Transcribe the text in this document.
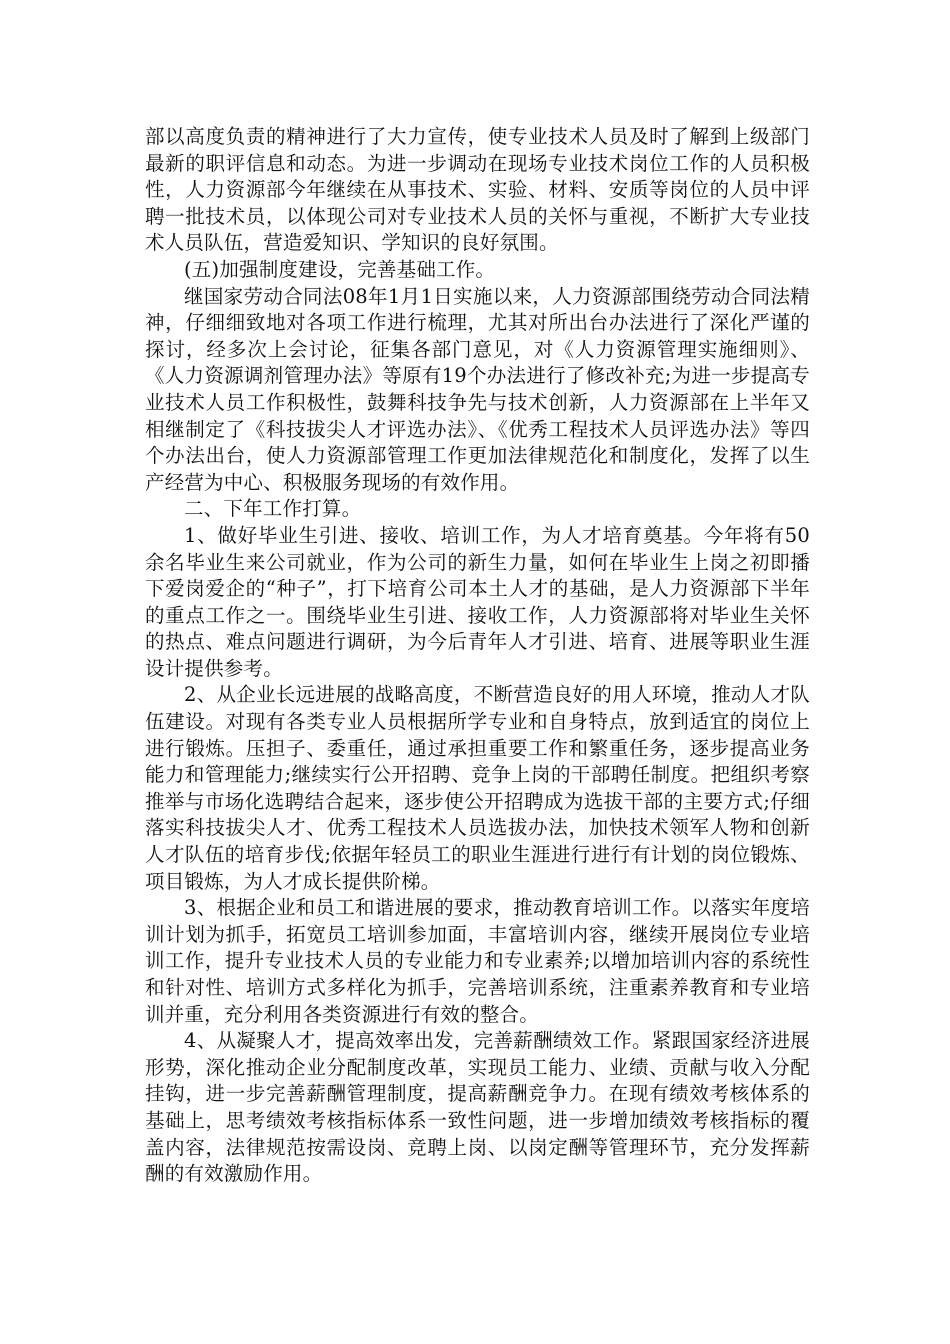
部以高度负责的精神进行了大力宣传，使专业技术人员及时了解到上级部门最新的职评信息和动态。为进一步调动在现场专业技术岗位工作的人员积极性，人力资源部今年继续在从事技术、实验、材料、安质等岗位的人员中评聘一批技术员，以体现公司对专业技术人员的关怀与重视，不断扩大专业技术人员队伍，营造爱知识、学知识的良好氛围。

(五)加强制度建设，完善基础工作。

继国家劳动合同法08年1月1日实施以来，人力资源部围绕劳动合同法精神，仔细细致地对各项工作进行梳理，尤其对所出台办法进行了深化严谨的探讨，经多次上会讨论，征集各部门意见，对《人力资源管理实施细则》、《人力资源调剂管理办法》等原有19个办法进行了修改补充;为进一步提高专业技术人员工作积极性，鼓舞科技争先与技术创新，人力资源部在上半年又相继制定了《科技拔尖人才评选办法》、《优秀工程技术人员评选办法》等四个办法出台，使人力资源部管理工作更加法律规范化和制度化，发挥了以生产经营为中心、积极服务现场的有效作用。

二、下年工作打算。

1、做好毕业生引进、接收、培训工作，为人才培育奠基。今年将有50余名毕业生来公司就业，作为公司的新生力量，如何在毕业生上岗之初即播下爱岗爱企的“种子”，打下培育公司本土人才的基础，是人力资源部下半年的重点工作之一。围绕毕业生引进、接收工作，人力资源部将对毕业生关怀的热点、难点问题进行调研，为今后青年人才引进、培育、进展等职业生涯设计提供参考。

2、从企业长远进展的战略高度，不断营造良好的用人环境，推动人才队伍建设。对现有各类专业人员根据所学专业和自身特点，放到适宜的岗位上进行锻炼。压担子、委重任，通过承担重要工作和繁重任务，逐步提高业务能力和管理能力;继续实行公开招聘、竞争上岗的干部聘任制度。把组织考察推举与市场化选聘结合起来，逐步使公开招聘成为选拔干部的主要方式;仔细落实科技拔尖人才、优秀工程技术人员选拔办法，加快技术领军人物和创新人才队伍的培育步伐;依据年轻员工的职业生涯进行进行有计划的岗位锻炼、项目锻炼，为人才成长提供阶梯。

3、根据企业和员工和谐进展的要求，推动教育培训工作。以落实年度培训计划为抓手，拓宽员工培训参加面，丰富培训内容，继续开展岗位专业培训工作，提升专业技术人员的专业能力和专业素养;以增加培训内容的系统性和针对性、培训方式多样化为抓手，完善培训系统，注重素养教育和专业培训并重，充分利用各类资源进行有效的整合。

4、从凝聚人才，提高效率出发，完善薪酬绩效工作。紧跟国家经济进展形势，深化推动企业分配制度改革，实现员工能力、业绩、贡献与收入分配挂钩，进一步完善薪酬管理制度，提高薪酬竞争力。在现有绩效考核体系的基础上，思考绩效考核指标体系一致性问题，进一步增加绩效考核指标的覆盖内容，法律规范按需设岗、竞聘上岗、以岗定酬等管理环节，充分发挥薪酬的有效激励作用。
